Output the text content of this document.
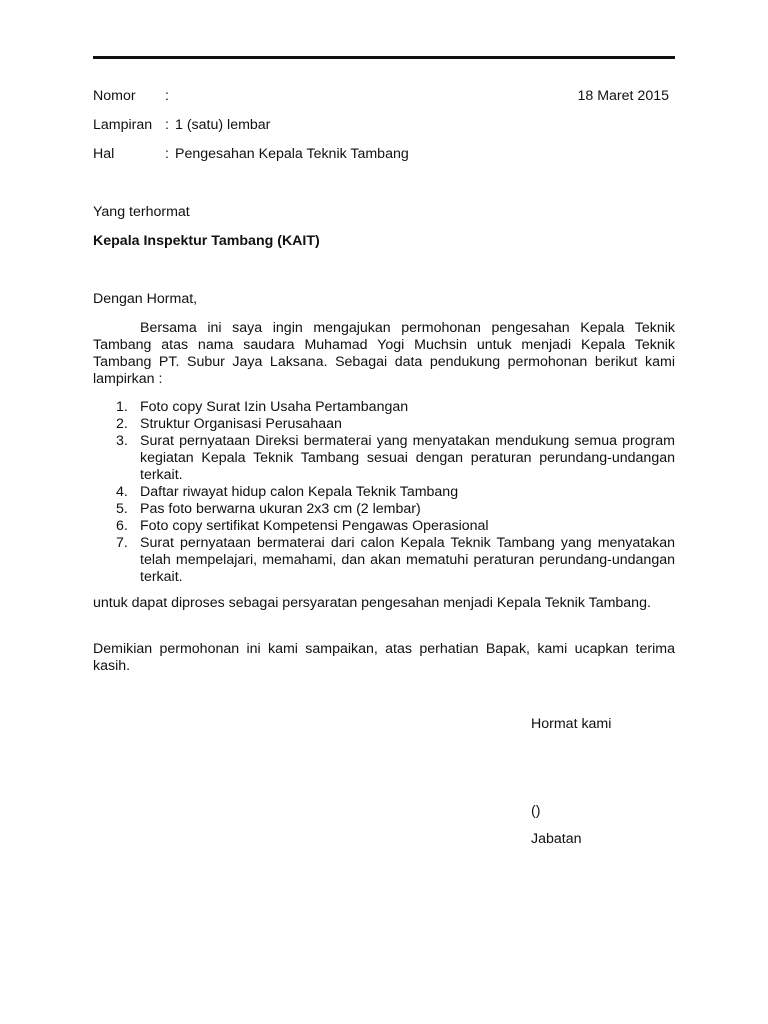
Nomor :	18 Maret 2015
Lampiran : 1 (satu) lembar
Hal	: Pengesahan Kepala Teknik Tambang
Yang terhormat
Kepala Inspektur Tambang (KAIT)
Dengan Hormat,
Bersama ini saya ingin mengajukan permohonan pengesahan Kepala Teknik Tambang atas nama saudara Muhamad Yogi Muchsin untuk menjadi Kepala Teknik Tambang PT. Subur Jaya Laksana. Sebagai data pendukung permohonan berikut kami lampirkan :
1. Foto copy Surat Izin Usaha Pertambangan
2. Struktur Organisasi Perusahaan
3. Surat pernyataan Direksi bermaterai yang menyatakan mendukung semua program kegiatan Kepala Teknik Tambang sesuai dengan peraturan perundang-undangan terkait.
4. Daftar riwayat hidup calon Kepala Teknik Tambang
5. Pas foto berwarna ukuran 2x3 cm (2 lembar)
6. Foto copy sertifikat Kompetensi Pengawas Operasional
7. Surat pernyataan bermaterai dari calon Kepala Teknik Tambang yang menyatakan telah mempelajari, memahami, dan akan mematuhi peraturan perundang-undangan terkait.
untuk dapat diproses sebagai persyaratan pengesahan menjadi Kepala Teknik Tambang.
Demikian permohonan ini kami sampaikan, atas perhatian Bapak, kami ucapkan terima kasih.
Hormat kami
()
Jabatan
